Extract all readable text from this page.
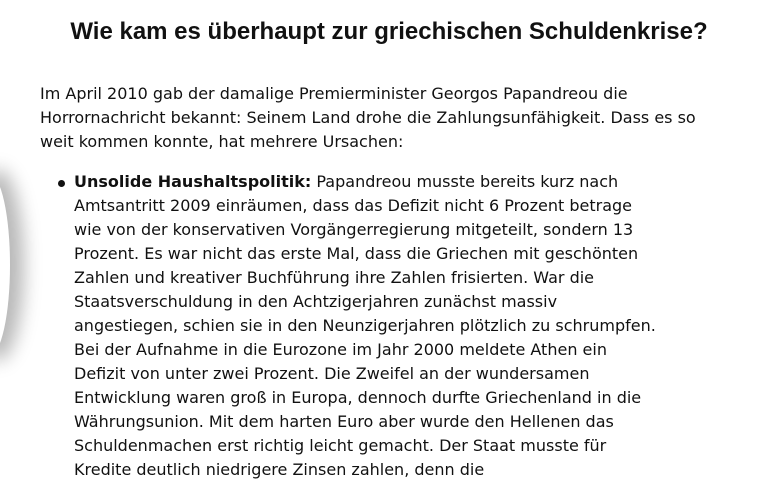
Wie kam es überhaupt zur griechischen Schuldenkrise?

Im April 2010 gab der damalige Premierminister Georgos Papandreou die Horrornachricht bekannt: Seinem Land drohe die Zahlungsunfähigkeit. Dass es so weit kommen konnte, hat mehrere Ursachen:

Unsolide Haushaltspolitik: Papandreou musste bereits kurz nach Amtsantritt 2009 einräumen, dass das Defizit nicht 6 Prozent betrage wie von der konservativen Vorgängerregierung mitgeteilt, sondern 13 Prozent. Es war nicht das erste Mal, dass die Griechen mit geschönten Zahlen und kreativer Buchführung ihre Zahlen frisierten. War die Staatsverschuldung in den Achtzigerjahren zunächst massiv angestiegen, schien sie in den Neunzigerjahren plötzlich zu schrumpfen. Bei der Aufnahme in die Eurozone im Jahr 2000 meldete Athen ein Defizit von unter zwei Prozent. Die Zweifel an der wundersamen Entwicklung waren groß in Europa, dennoch durfte Griechenland in die Währungsunion. Mit dem harten Euro aber wurde den Hellenen das Schuldenmachen erst richtig leicht gemacht. Der Staat musste für Kredite deutlich niedrigere Zinsen zahlen, denn die
